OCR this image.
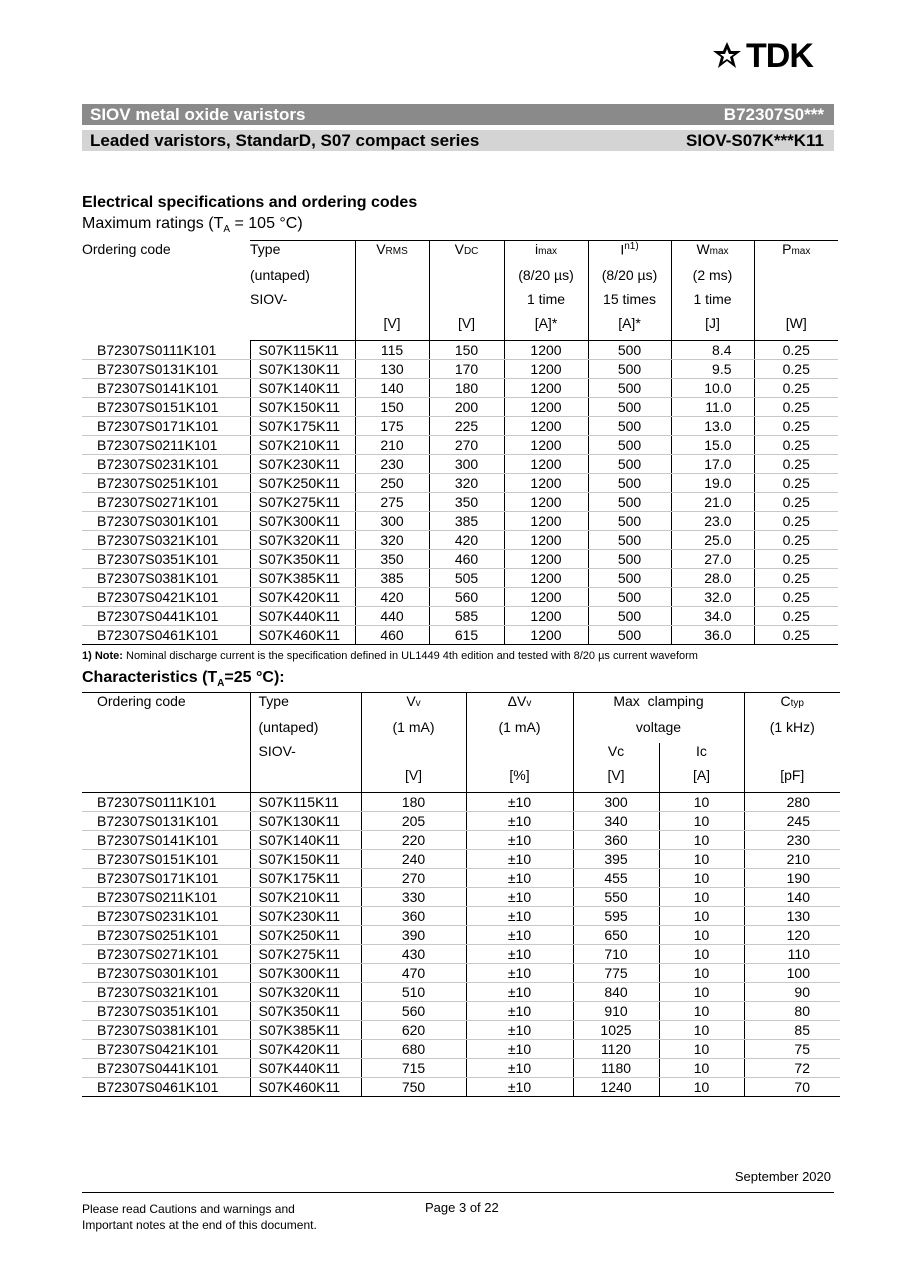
TDK
SIOV metal oxide varistors	B72307S0***
Leaded varistors, StandarD, S07 compact series	SIOV-S07K***K11
Electrical specifications and ordering codes
Maximum ratings ($T_A = 105$ °C)
Ordering code	Type	VRMS	VDC	imax	$I^{n1)}$	Wmax	Pmax
	(untaped)			(8/20 µs)	(8/20 µs)	(2 ms)	
	SIOV-			1 time	15 times	1 time	
		[V]	[V]	[A]*	[A]*	[J]	[W]
B72307S0111K101	S07K115K11	115	150	1200	500	8.4	0.25
B72307S0131K101	S07K130K11	130	170	1200	500	9.5	0.25
B72307S0141K101	S07K140K11	140	180	1200	500	10.0	0.25
B72307S0151K101	S07K150K11	150	200	1200	500	11.0	0.25
B72307S0171K101	S07K175K11	175	225	1200	500	13.0	0.25
B72307S0211K101	S07K210K11	210	270	1200	500	15.0	0.25
B72307S0231K101	S07K230K11	230	300	1200	500	17.0	0.25
B72307S0251K101	S07K250K11	250	320	1200	500	19.0	0.25
B72307S0271K101	S07K275K11	275	350	1200	500	21.0	0.25
B72307S0301K101	S07K300K11	300	385	1200	500	23.0	0.25
B72307S0321K101	S07K320K11	320	420	1200	500	25.0	0.25
B72307S0351K101	S07K350K11	350	460	1200	500	27.0	0.25
B72307S0381K101	S07K385K11	385	505	1200	500	28.0	0.25
B72307S0421K101	S07K420K11	420	560	1200	500	32.0	0.25
B72307S0441K101	S07K440K11	440	585	1200	500	34.0	0.25
B72307S0461K101	S07K460K11	460	615	1200	500	36.0	0.25
1) Note: Nominal discharge current is the specification defined in UL1449 4th edition and tested with 8/20 µs current waveform
Characteristics ($T_A=25$ °C):
Ordering code	Type	Vv	ΔVv	Max  clamping		Ctyp
	(untaped)	(1 mA)	(1 mA)	voltage		(1 kHz)
	SIOV-			Vc	Ic	
		[V]	[%]	[V]	[A]	[pF]
B72307S0111K101	S07K115K11	180	±10	300	10	280
B72307S0131K101	S07K130K11	205	±10	340	10	245
B72307S0141K101	S07K140K11	220	±10	360	10	230
B72307S0151K101	S07K150K11	240	±10	395	10	210
B72307S0171K101	S07K175K11	270	±10	455	10	190
B72307S0211K101	S07K210K11	330	±10	550	10	140
B72307S0231K101	S07K230K11	360	±10	595	10	130
B72307S0251K101	S07K250K11	390	±10	650	10	120
B72307S0271K101	S07K275K11	430	±10	710	10	110
B72307S0301K101	S07K300K11	470	±10	775	10	100
B72307S0321K101	S07K320K11	510	±10	840	10	90
B72307S0351K101	S07K350K11	560	±10	910	10	80
B72307S0381K101	S07K385K11	620	±10	1025	10	85
B72307S0421K101	S07K420K11	680	±10	1120	10	75
B72307S0441K101	S07K440K11	715	±10	1180	10	72
B72307S0461K101	S07K460K11	750	±10	1240	10	70
September 2020
Please read Cautions and warnings and
Important notes at the end of this document.
Page 3 of 22
